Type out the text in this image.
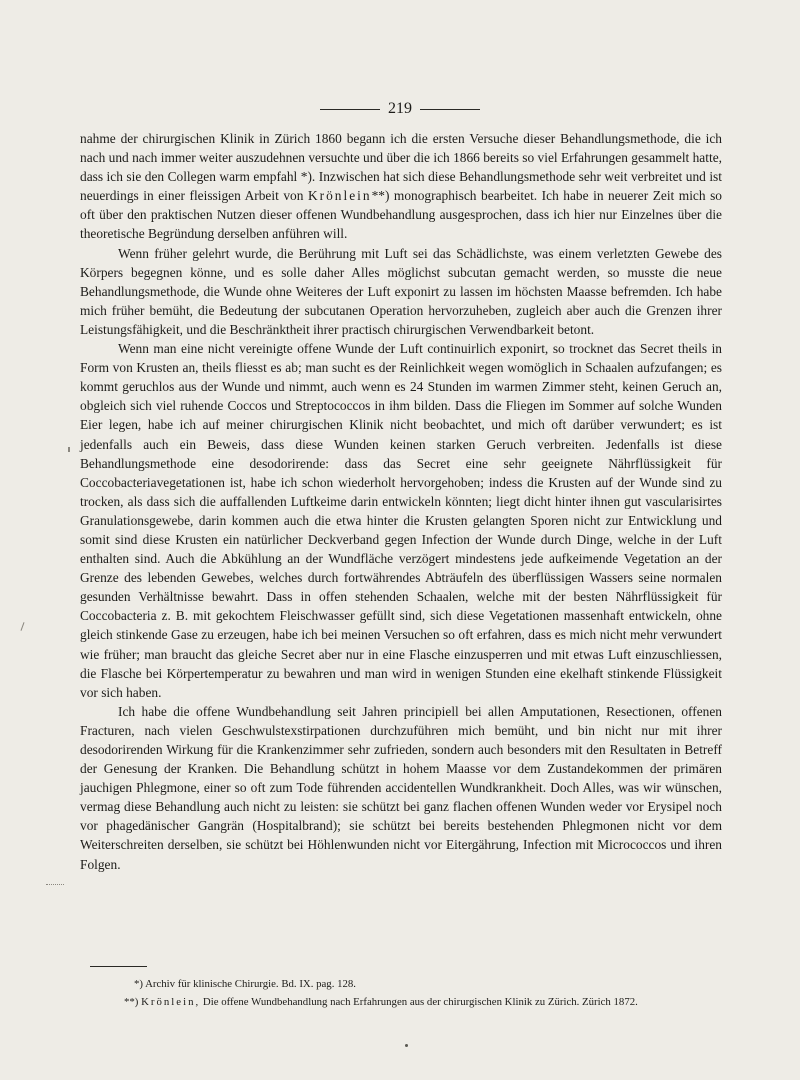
219

nahme der chirurgischen Klinik in Zürich 1860 begann ich die ersten Versuche dieser Behandlungsmethode, die ich nach und nach immer weiter auszudehnen versuchte und über die ich 1866 bereits so viel Erfahrungen gesammelt hatte, dass ich sie den Collegen warm empfahl *). Inzwischen hat sich diese Behandlungsmethode sehr weit verbreitet und ist neuerdings in einer fleissigen Arbeit von Krönlein**) monographisch bearbeitet. Ich habe in neuerer Zeit mich so oft über den praktischen Nutzen dieser offenen Wundbehandlung ausgesprochen, dass ich hier nur Einzelnes über die theoretische Begründung derselben anführen will.

Wenn früher gelehrt wurde, die Berührung mit Luft sei das Schädlichste, was einem verletzten Gewebe des Körpers begegnen könne, und es solle daher Alles möglichst subcutan gemacht werden, so musste die neue Behandlungsmethode, die Wunde ohne Weiteres der Luft exponirt zu lassen im höchsten Maasse befremden. Ich habe mich früher bemüht, die Bedeutung der subcutanen Operation hervorzuheben, zugleich aber auch die Grenzen ihrer Leistungsfähigkeit, und die Beschränktheit ihrer practisch chirurgischen Verwendbarkeit betont.

Wenn man eine nicht vereinigte offene Wunde der Luft continuirlich exponirt, so trocknet das Secret theils in Form von Krusten an, theils fliesst es ab; man sucht es der Reinlichkeit wegen womöglich in Schaalen aufzufangen; es kommt geruchlos aus der Wunde und nimmt, auch wenn es 24 Stunden im warmen Zimmer steht, keinen Geruch an, obgleich sich viel ruhende Coccos und Streptococcos in ihm bilden. Dass die Fliegen im Sommer auf solche Wunden Eier legen, habe ich auf meiner chirurgischen Klinik nicht beobachtet, und mich oft darüber verwundert; es ist jedenfalls auch ein Beweis, dass diese Wunden keinen starken Geruch verbreiten. Jedenfalls ist diese Behandlungsmethode eine desodorirende: dass das Secret eine sehr geeignete Nährflüssigkeit für Coccobacteriavegetationen ist, habe ich schon wiederholt hervorgehoben; indess die Krusten auf der Wunde sind zu trocken, als dass sich die auffallenden Luftkeime darin entwickeln könnten; liegt dicht hinter ihnen gut vascularisirtes Granulationsgewebe, darin kommen auch die etwa hinter die Krusten gelangten Sporen nicht zur Entwicklung und somit sind diese Krusten ein natürlicher Deckverband gegen Infection der Wunde durch Dinge, welche in der Luft enthalten sind. Auch die Abkühlung an der Wundfläche verzögert mindestens jede aufkeimende Vegetation an der Grenze des lebenden Gewebes, welches durch fortwährendes Abträufeln des überflüssigen Wassers seine normalen gesunden Verhältnisse bewahrt. Dass in offen stehenden Schaalen, welche mit der besten Nährflüssigkeit für Coccobacteria z. B. mit gekochtem Fleischwasser gefüllt sind, sich diese Vegetationen massenhaft entwickeln, ohne gleich stinkende Gase zu erzeugen, habe ich bei meinen Versuchen so oft erfahren, dass es mich nicht mehr verwundert wie früher; man braucht das gleiche Secret aber nur in eine Flasche einzusperren und mit etwas Luft einzuschliessen, die Flasche bei Körpertemperatur zu bewahren und man wird in wenigen Stunden eine ekelhaft stinkende Flüssigkeit vor sich haben.

Ich habe die offene Wundbehandlung seit Jahren principiell bei allen Amputationen, Resectionen, offenen Fracturen, nach vielen Geschwulstexstirpationen durchzuführen mich bemüht, und bin nicht nur mit ihrer desodorirenden Wirkung für die Krankenzimmer sehr zufrieden, sondern auch besonders mit den Resultaten in Betreff der Genesung der Kranken. Die Behandlung schützt in hohem Maasse vor dem Zustandekommen der primären jauchigen Phlegmone, einer so oft zum Tode führenden accidentellen Wundkrankheit. Doch Alles, was wir wünschen, vermag diese Behandlung auch nicht zu leisten: sie schützt bei ganz flachen offenen Wunden weder vor Erysipel noch vor phagedänischer Gangrän (Hospitalbrand); sie schützt bei bereits bestehenden Phlegmonen nicht vor dem Weiterschreiten derselben, sie schützt bei Höhlenwunden nicht vor Eitergährung, Infection mit Micrococcos und ihren Folgen.

*) Archiv für klinische Chirurgie. Bd. IX. pag. 128.
**) Krönlein, Die offene Wundbehandlung nach Erfahrungen aus der chirurgischen Klinik zu Zürich. Zürich 1872.
